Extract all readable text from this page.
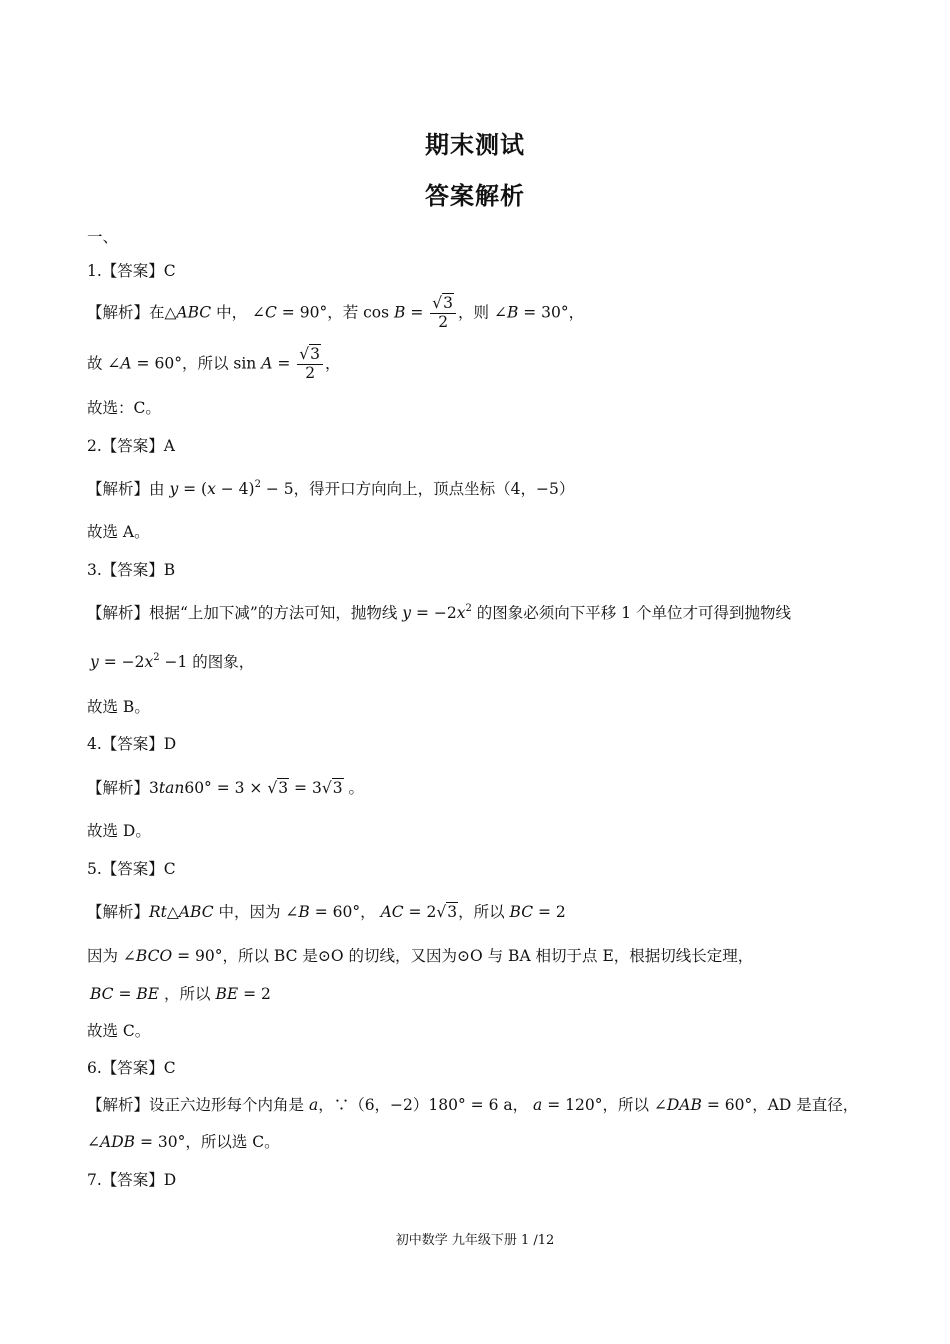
期末测试
答案解析
一、
1.【答案】C
【解析】在△ABC 中， ∠C = 90°，若 $\cos B = \frac{√3}{2}$ ，则 ∠B = 30°，
故 ∠A = 60°，所以 $\sin A = \frac{√3}{2}$ ，
故选：C。
2.【答案】A
【解析】由 $y = (x - 4)^2 - 5$，得开口方向向上，顶点坐标（4，−5）
故选 A。
3.【答案】B
【解析】根据“上加下减”的方法可知，抛物线 $y = -2x^2$ 的图象必须向下平移 1 个单位才可得到抛物线
$y = -2x^2 -1$ 的图象，
故选 B。
4.【答案】D
【解析】3tan60° = 3 × √3 = 3√3 。
故选 D。
5.【答案】C
【解析】Rt△ABC 中，因为 ∠B = 60°， AC = 2√3，所以 BC = 2
因为 ∠BCO = 90°，所以 BC 是⊙O 的切线，又因为⊙O 与 BA 相切于点 E，根据切线长定理，
BC = BE ，所以 BE = 2
故选 C。
6.【答案】C
【解析】设正六边形每个内角是 a，∵（6，−2）180° = 6 a， a = 120°，所以 ∠DAB = 60°，AD 是直径，
∠ADB = 30°，所以选 C。
7.【答案】D
初中数学 九年级下册 1 /12
